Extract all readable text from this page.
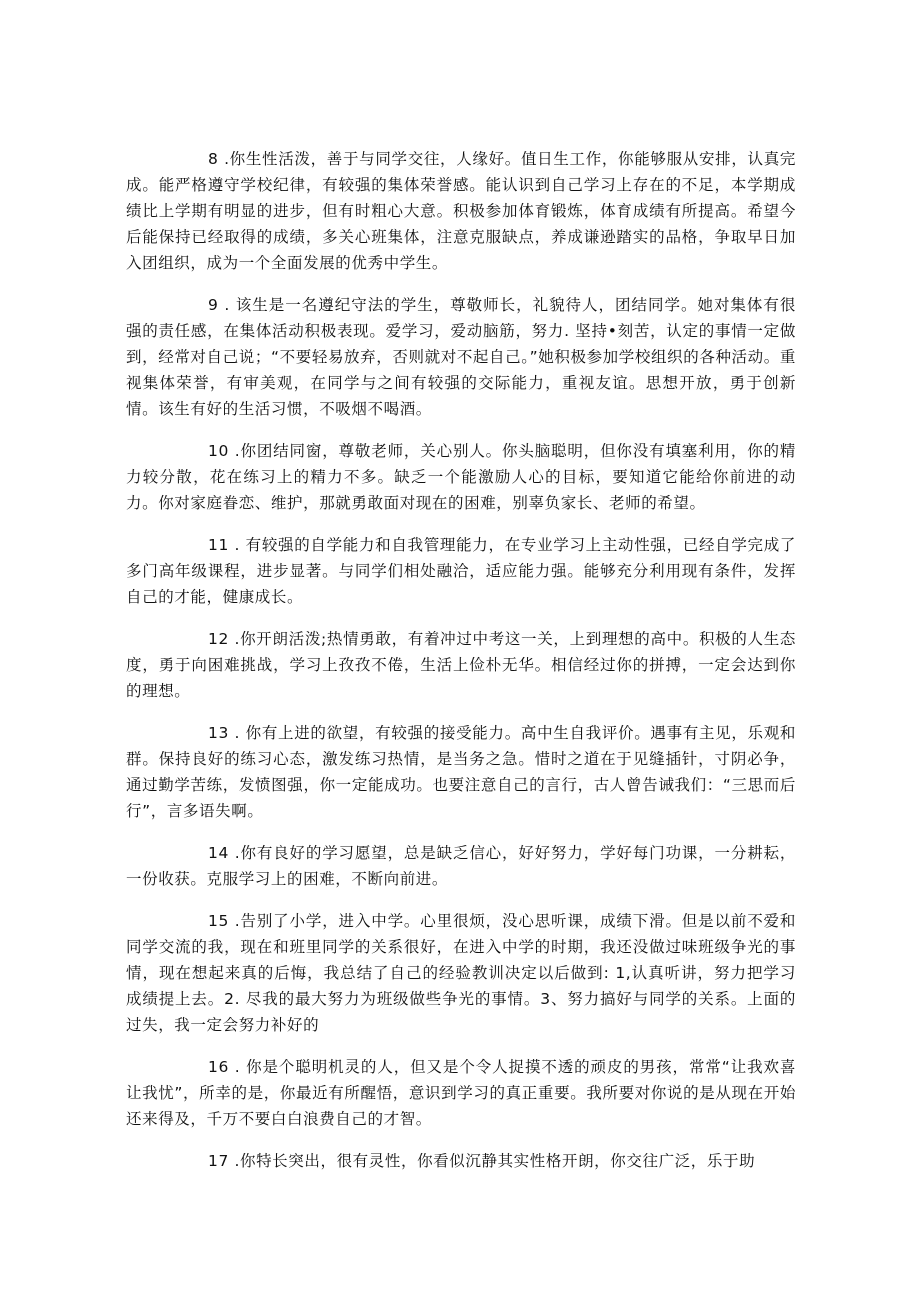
8 .你生性活泼，善于与同学交往，人缘好。值日生工作，你能够服从安排，认真完成。能严格遵守学校纪律，有较强的集体荣誉感。能认识到自己学习上存在的不足，本学期成绩比上学期有明显的进步，但有时粗心大意。积极参加体育锻炼，体育成绩有所提高。希望今后能保持已经取得的成绩，多关心班集体，注意克服缺点，养成谦逊踏实的品格，争取早日加入团组织，成为一个全面发展的优秀中学生。

9 . 该生是一名遵纪守法的学生，尊敬师长，礼貌待人，团结同学。她对集体有很强的责任感，在集体活动积极表现。爱学习，爱动脑筋，努力. 坚持•刻苦，认定的事情一定做到，经常对自己说；“不要轻易放弃，否则就对不起自己。”她积极参加学校组织的各种活动。重视集体荣誉，有审美观，在同学与之间有较强的交际能力，重视友谊。思想开放，勇于创新情。该生有好的生活习惯，不吸烟不喝酒。

10 .你团结同窗，尊敬老师，关心别人。你头脑聪明，但你没有填塞利用，你的精力较分散，花在练习上的精力不多。缺乏一个能激励人心的目标，要知道它能给你前进的动力。你对家庭眷恋、维护，那就勇敢面对现在的困难，别辜负家长、老师的希望。

11 . 有较强的自学能力和自我管理能力，在专业学习上主动性强，已经自学完成了多门高年级课程，进步显著。与同学们相处融洽，适应能力强。能够充分利用现有条件，发挥自己的才能，健康成长。

12 .你开朗活泼;热情勇敢，有着冲过中考这一关，上到理想的高中。积极的人生态度，勇于向困难挑战，学习上孜孜不倦，生活上俭朴无华。相信经过你的拼搏，一定会达到你的理想。

13 . 你有上进的欲望，有较强的接受能力。高中生自我评价。遇事有主见，乐观和群。保持良好的练习心态，激发练习热情，是当务之急。惜时之道在于见缝插针，寸阴必争，通过勤学苦练，发愤图强，你一定能成功。也要注意自己的言行，古人曾告诫我们：“三思而后行”，言多语失啊。

14 .你有良好的学习愿望，总是缺乏信心，好好努力，学好每门功课，一分耕耘，一份收获。克服学习上的困难，不断向前进。

15 .告别了小学，进入中学。心里很烦，没心思听课，成绩下滑。但是以前不爱和同学交流的我，现在和班里同学的关系很好，在进入中学的时期，我还没做过味班级争光的事情，现在想起来真的后悔，我总结了自己的经验教训决定以后做到: 1,认真听讲，努力把学习成绩提上去。2. 尽我的最大努力为班级做些争光的事情。3、努力搞好与同学的关系。上面的过失，我一定会努力补好的

16 . 你是个聪明机灵的人，但又是个令人捉摸不透的顽皮的男孩，常常“让我欢喜让我忧”，所幸的是，你最近有所醒悟，意识到学习的真正重要。我所要对你说的是从现在开始还来得及，千万不要白白浪费自己的才智。

17 .你特长突出，很有灵性，你看似沉静其实性格开朗，你交往广泛，乐于助
